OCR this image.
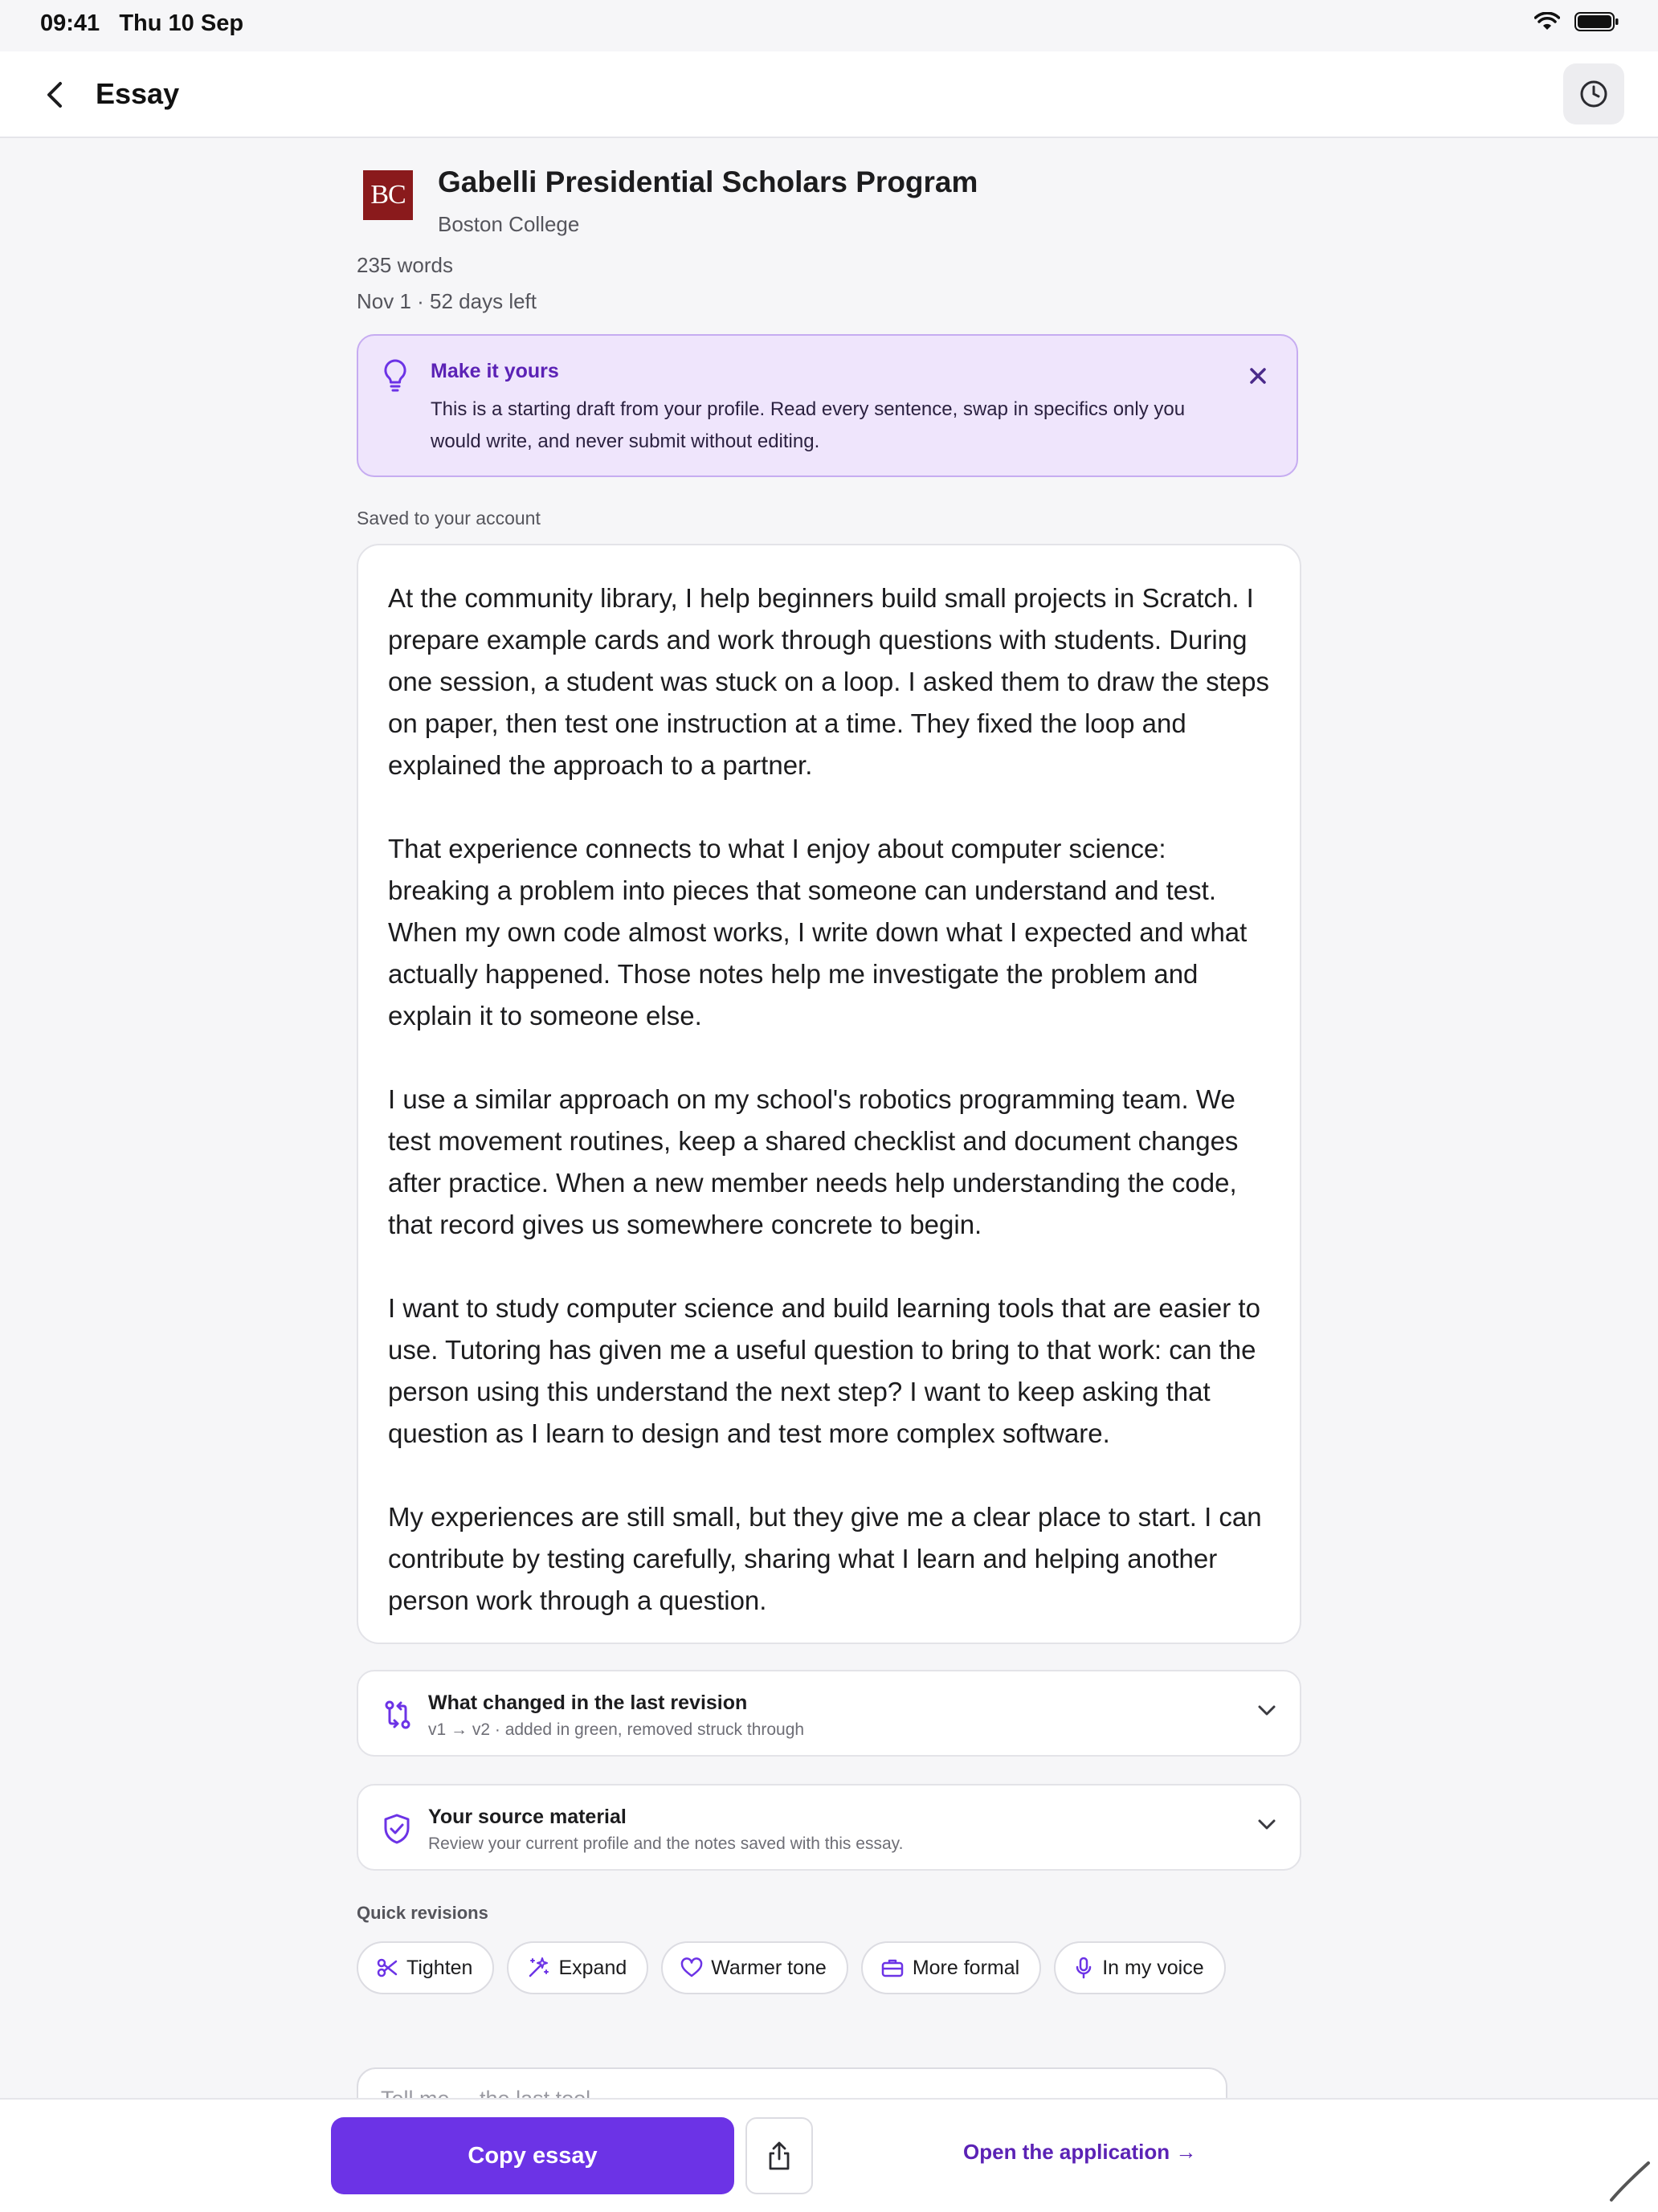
09:41 Thu 10 Sep
Essay
BC Gabelli Presidential Scholars Program
Boston College
235 words
Nov 1 · 52 days left
Make it yours
This is a starting draft from your profile. Read every sentence, swap in specifics only you would write, and never submit without editing.
Saved to your account

At the community library, I help beginners build small projects in Scratch. I prepare example cards and work through questions with students. During one session, a student was stuck on a loop. I asked them to draw the steps on paper, then test one instruction at a time. They fixed the loop and explained the approach to a partner.

That experience connects to what I enjoy about computer science: breaking a problem into pieces that someone can understand and test. When my own code almost works, I write down what I expected and what actually happened. Those notes help me investigate the problem and explain it to someone else.

I use a similar approach on my school's robotics programming team. We test movement routines, keep a shared checklist and document changes after practice. When a new member needs help understanding the code, that record gives us somewhere concrete to begin.

I want to study computer science and build learning tools that are easier to use. Tutoring has given me a useful question to bring to that work: can the person using this understand the next step? I want to keep asking that question as I learn to design and test more complex software.

My experiences are still small, but they give me a clear place to start. I can contribute by testing carefully, sharing what I learn and helping another person work through a question.

What changed in the last revision
v1 → v2 · added in green, removed struck through
Your source material
Review your current profile and the notes saved with this essay.
Quick revisions
Tighten	Expand	Warmer tone	More formal	In my voice
Copy essay	Open the application →
